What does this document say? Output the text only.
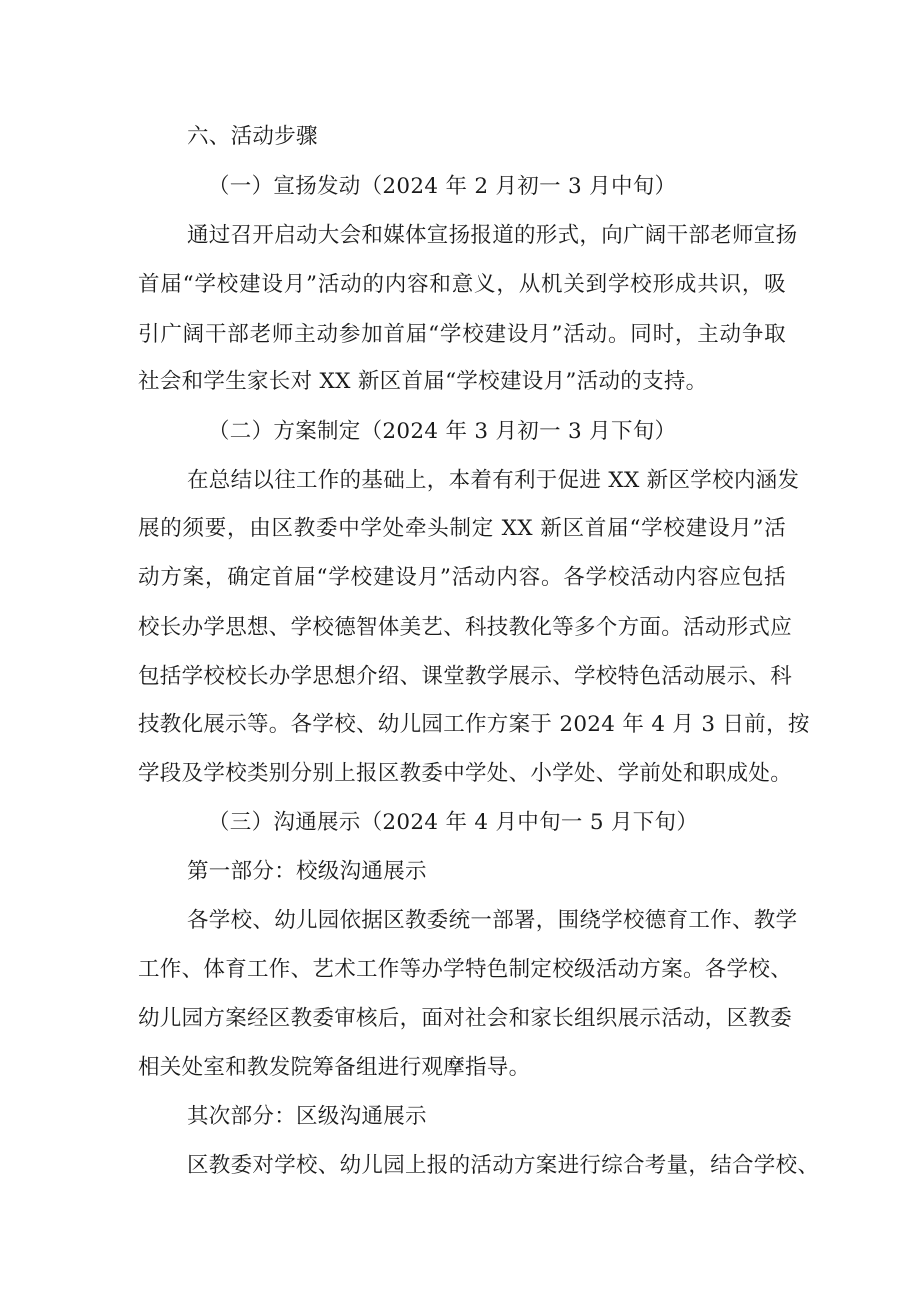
六、活动步骤
（一）宣扬发动（2024 年 2 月初一 3 月中旬）
通过召开启动大会和媒体宣扬报道的形式，向广阔干部老师宣扬
首届“学校建设月”活动的内容和意义，从机关到学校形成共识，吸
引广阔干部老师主动参加首届“学校建设月”活动。同时，主动争取
社会和学生家长对 XX 新区首届“学校建设月”活动的支持。
（二）方案制定（2024 年 3 月初一 3 月下旬）
在总结以往工作的基础上，本着有利于促进 XX 新区学校内涵发
展的须要，由区教委中学处牵头制定 XX 新区首届“学校建设月”活
动方案，确定首届“学校建设月”活动内容。各学校活动内容应包括
校长办学思想、学校德智体美艺、科技教化等多个方面。活动形式应
包括学校校长办学思想介绍、课堂教学展示、学校特色活动展示、科
技教化展示等。各学校、幼儿园工作方案于 2024 年 4 月 3 日前，按
学段及学校类别分别上报区教委中学处、小学处、学前处和职成处。
（三）沟通展示（2024 年 4 月中旬一 5 月下旬）
第一部分：校级沟通展示
各学校、幼儿园依据区教委统一部署，围绕学校德育工作、教学
工作、体育工作、艺术工作等办学特色制定校级活动方案。各学校、
幼儿园方案经区教委审核后，面对社会和家长组织展示活动，区教委
相关处室和教发院筹备组进行观摩指导。
其次部分：区级沟通展示
区教委对学校、幼儿园上报的活动方案进行综合考量，结合学校、
